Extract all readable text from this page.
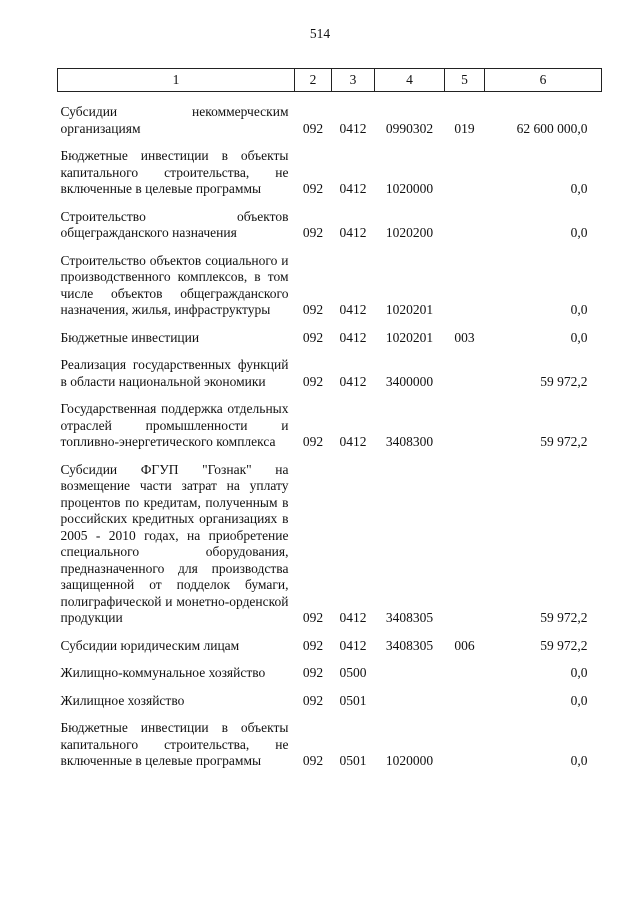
514
1	2	3	4	5	6
Субсидии некоммерческим организациям	092	0412	0990302	019	62 600 000,0
Бюджетные инвестиции в объекты капитального строительства, не включенные в целевые программы	092	0412	1020000		0,0
Строительство объектов общегражданского назначения	092	0412	1020200		0,0
Строительство объектов социального и производственного комплексов, в том числе объектов общегражданского назначения, жилья, инфраструктуры	092	0412	1020201		0,0
Бюджетные инвестиции	092	0412	1020201	003	0,0
Реализация государственных функций в области национальной экономики	092	0412	3400000		59 972,2
Государственная поддержка отдельных отраслей промышленности и топливно-энергетического комплекса	092	0412	3408300		59 972,2
Субсидии ФГУП "Гознак" на возмещение части затрат на уплату процентов по кредитам, полученным в российских кредитных организациях в 2005 - 2010 годах, на приобретение специального оборудования, предназначенного для производства защищенной от подделок бумаги, полиграфической и монетно-орденской продукции	092	0412	3408305		59 972,2
Субсидии юридическим лицам	092	0412	3408305	006	59 972,2
Жилищно-коммунальное хозяйство	092	0500			0,0
Жилищное хозяйство	092	0501			0,0
Бюджетные инвестиции в объекты капитального строительства, не включенные в целевые программы	092	0501	1020000		0,0
